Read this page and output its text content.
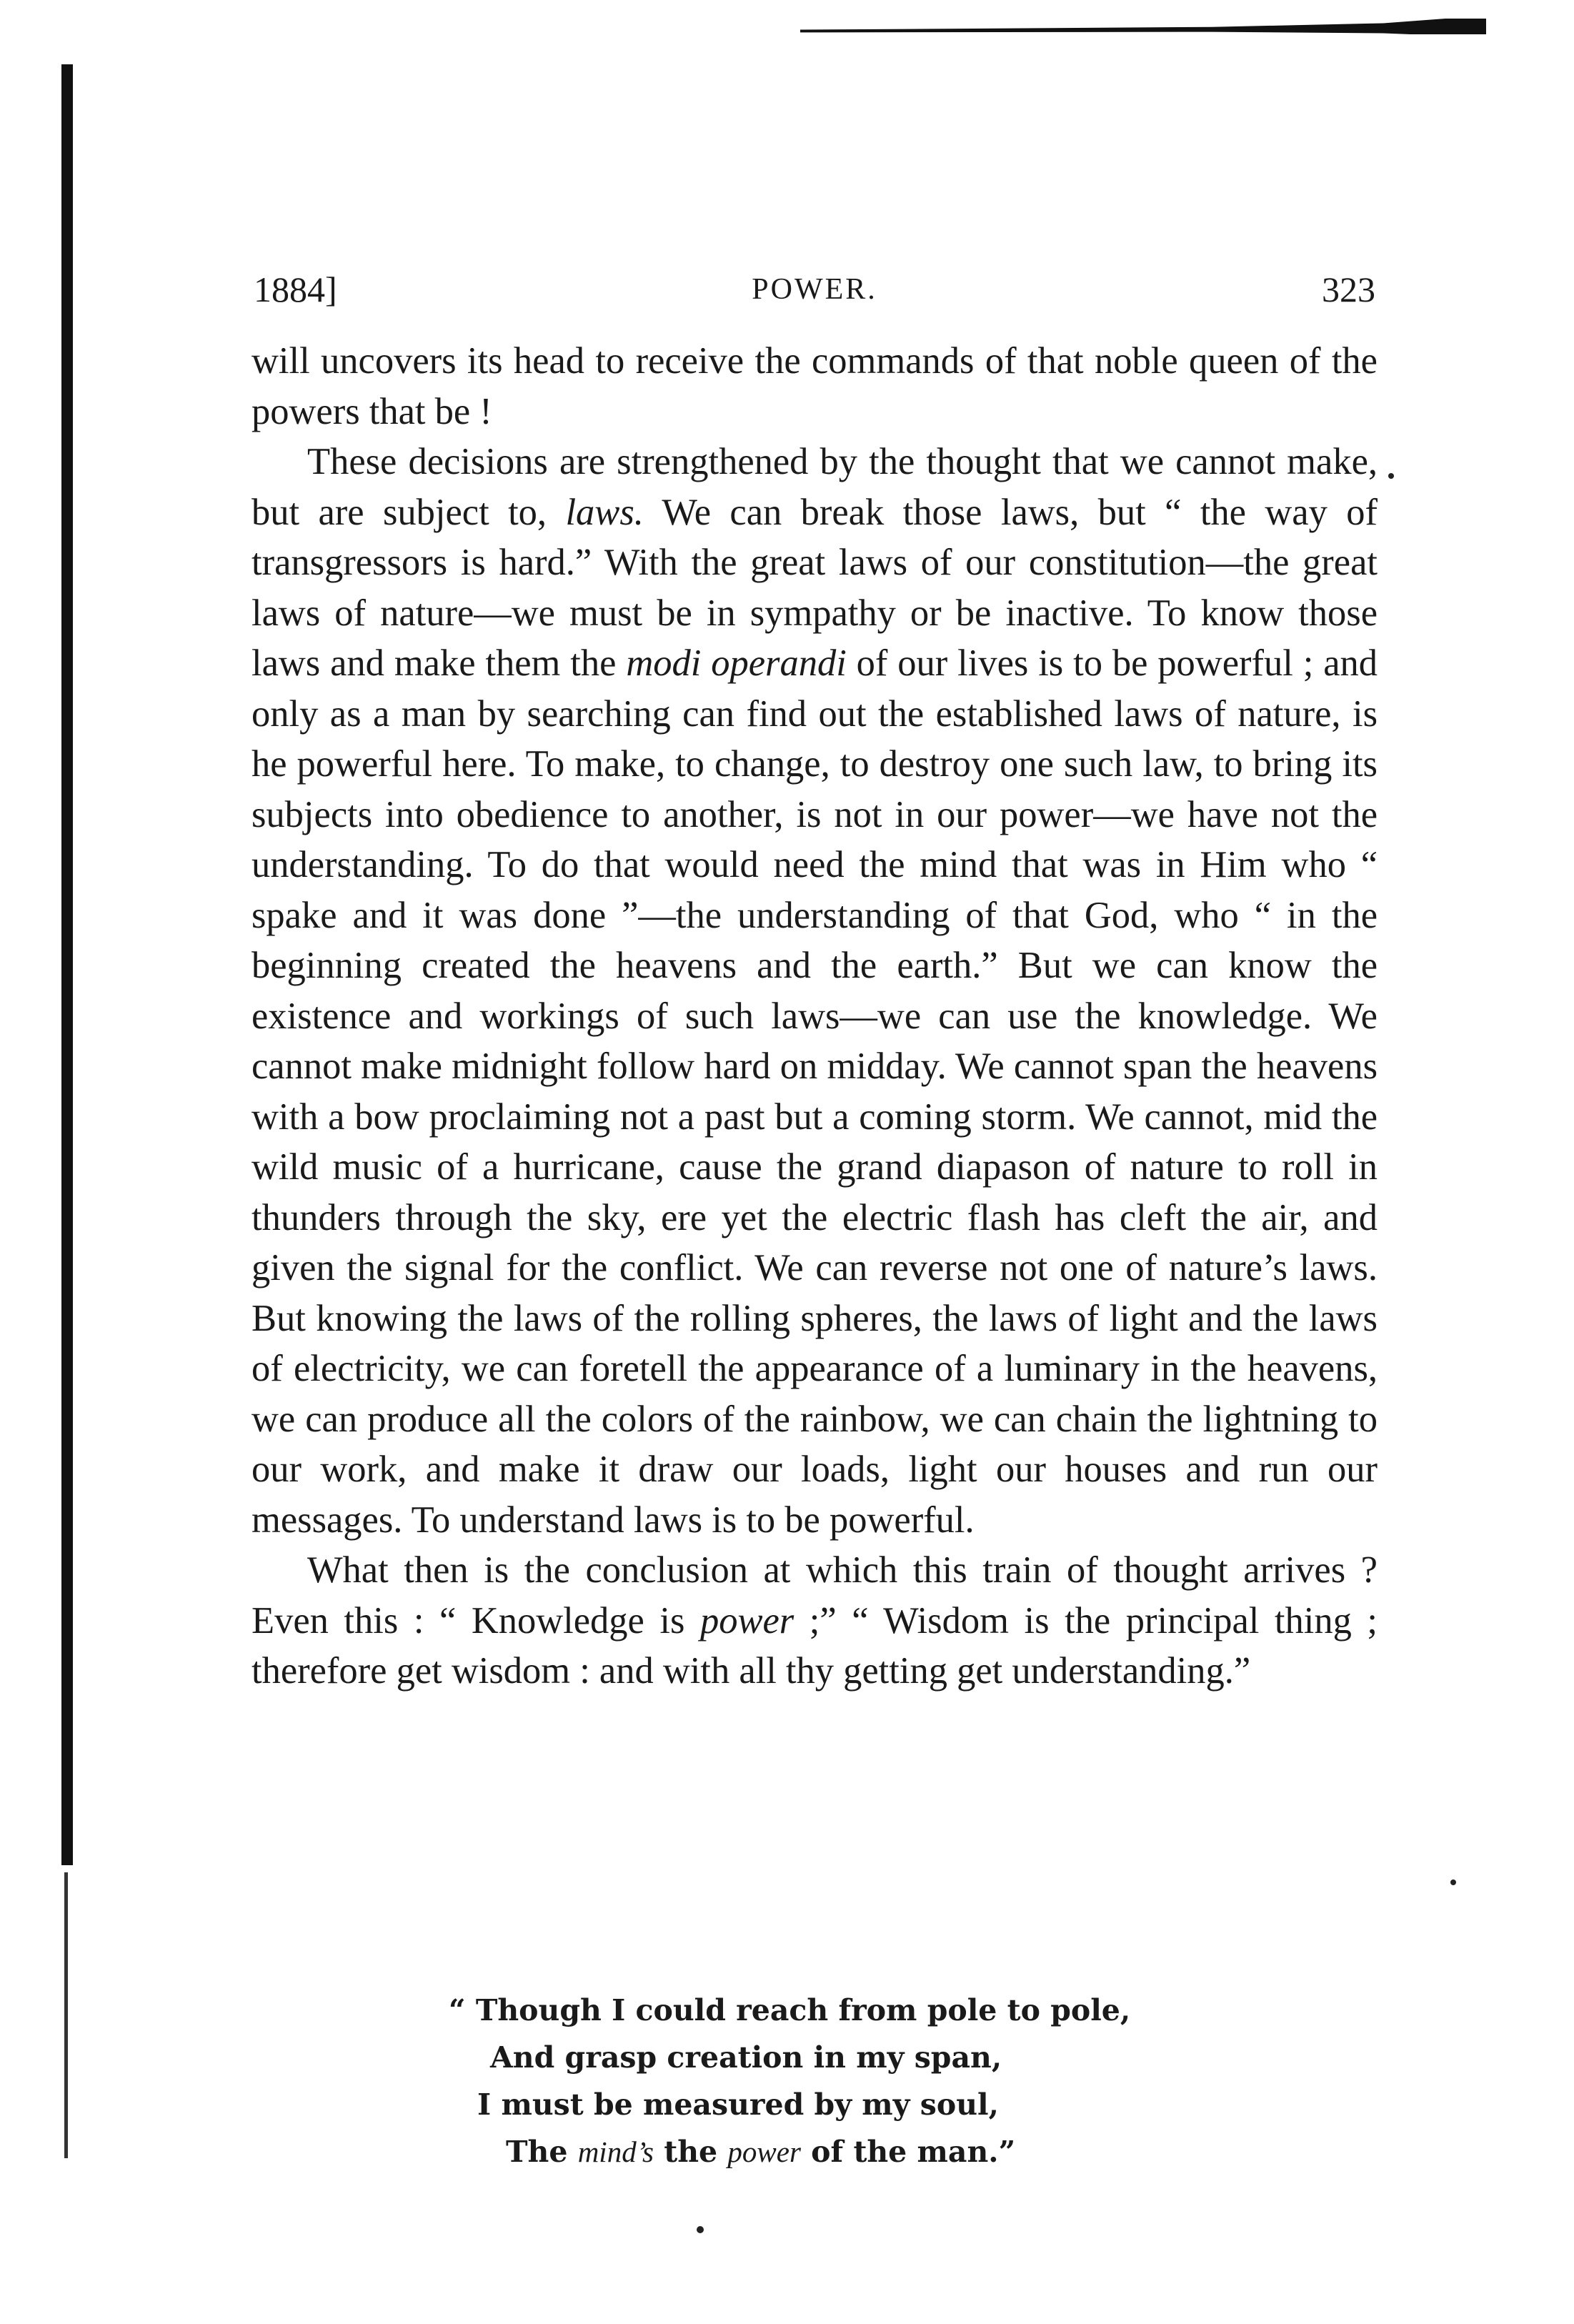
1884]	POWER.	323

will uncovers its head to receive the commands of that noble queen of the powers that be !

These decisions are strengthened by the thought that we cannot make, but are subject to, laws. We can break those laws, but “ the way of transgressors is hard.” With the great laws of our constitution—the great laws of nature—we must be in sympathy or be inactive. To know those laws and make them the modi operandi of our lives is to be powerful ; and only as a man by searching can find out the established laws of nature, is he powerful here. To make, to change, to destroy one such law, to bring its subjects into obedience to another, is not in our power—we have not the understanding. To do that would need the mind that was in Him who “ spake and it was done ”—the understanding of that God, who “ in the beginning created the heavens and the earth.” But we can know the existence and workings of such laws—we can use the knowledge. We cannot make midnight follow hard on midday. We cannot span the heavens with a bow proclaiming not a past but a coming storm. We cannot, mid the wild music of a hurricane, cause the grand diapason of nature to roll in thunders through the sky, ere yet the electric flash has cleft the air, and given the signal for the conflict. We can reverse not one of nature’s laws. But knowing the laws of the rolling spheres, the laws of light and the laws of electricity, we can foretell the appearance of a luminary in the heavens, we can produce all the colors of the rainbow, we can chain the lightning to our work, and make it draw our loads, light our houses and run our messages. To understand laws is to be powerful.

What then is the conclusion at which this train of thought arrives ? Even this : “ Knowledge is power ;” “ Wisdom is the principal thing ; therefore get wisdom : and with all thy getting get understanding.”

“ Though I could reach from pole to pole,
And grasp creation in my span,
I must be measured by my soul,
The mind’s the power of the man.”
